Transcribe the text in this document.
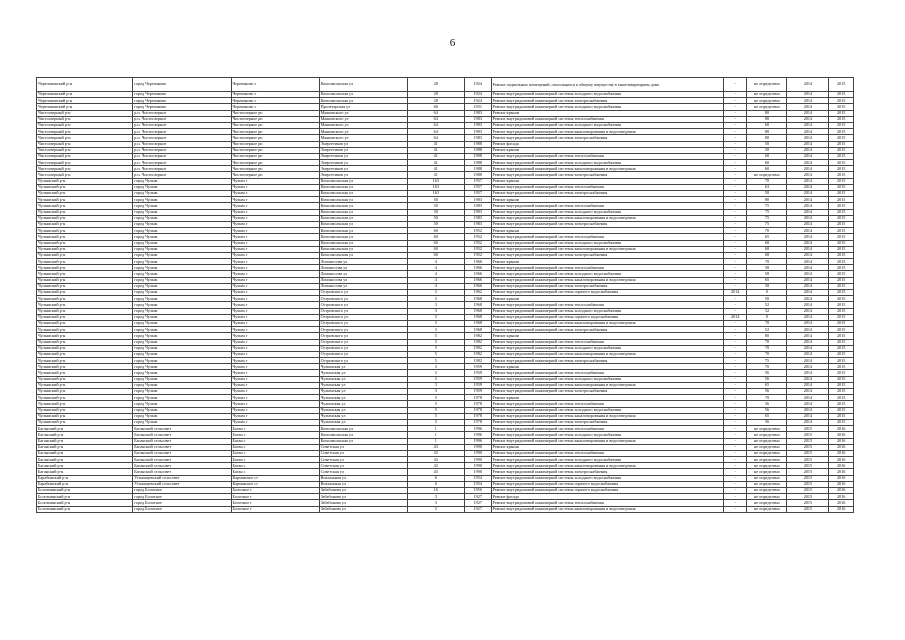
6
Черепановский р-н	город Черепаново	Черепаново г	Комсомольская ул	28	1924	Ремонт подвальных помещений, относящихся к общему имуществу в многоквартирном доме	-	не определено	2014	2015
Черепановский р-н	город Черепаново	Черепаново г	Комсомольская ул	28	1924	Ремонт внутридомовой инженерной системы холодного водоснабжения	-	не определено	2014	2015
Черепановский р-н	город Черепаново	Черепаново г	Комсомольская ул	28	1924	Ремонт внутридомовой инженерной системы электроснабжения	-	не определено	2014	2015
Черепановский р-н	город Черепаново	Черепаново г	Пролетарская ул	66	1931	Ремонт внутридомовой инженерной системы холодного водоснабжения	-	не определено	2014	2015
Чистоозерный р-н	р.п. Чистоозерное	Чистоозерное рп	Маяковского ул	64	1983	Ремонт крыши	-	80	2014	2015
Чистоозерный р-н	р.п. Чистоозерное	Чистоозерное рп	Маяковского ул	64	1983	Ремонт внутридомовой инженерной системы теплоснабжения	-	80	2014	2015
Чистоозерный р-н	р.п. Чистоозерное	Чистоозерное рп	Маяковского ул	64	1983	Ремонт внутридомовой инженерной системы холодного водоснабжения	-	60	2014	2015
Чистоозерный р-н	р.п. Чистоозерное	Чистоозерное рп	Маяковского ул	64	1983	Ремонт внутридомовой инженерной системы канализирования и водоотведения	-	80	2014	2015
Чистоозерный р-н	р.п. Чистоозерное	Чистоозерное рп	Маяковского ул	64	1983	Ремонт внутридомовой инженерной системы электроснабжения	-	80	2014	2015
Чистоозерный р-н	р.п. Чистоозерное	Чистоозерное рп	Энергетиков ул	41	1988	Ремонт фасада	-	50	2014	2015
Чистоозерный р-н	р.п. Чистоозерное	Чистоозерное рп	Энергетиков ул	41	1988	Ремонт крыши	-	50	2014	2015
Чистоозерный р-н	р.п. Чистоозерное	Чистоозерное рп	Энергетиков ул	41	1988	Ремонт внутридомовой инженерной системы теплоснабжения	-	60	2014	2015
Чистоозерный р-н	р.п. Чистоозерное	Чистоозерное рп	Энергетиков ул	41	1988	Ремонт внутридомовой инженерной системы холодного водоснабжения	-	60	2014	2015
Чистоозерный р-н	р.п. Чистоозерное	Чистоозерное рп	Энергетиков ул	41	1988	Ремонт внутридомовой инженерной системы канализирования и водоотведения	-	60	2014	2015
Чистоозерный р-н	р.п. Чистоозерное	Чистоозерное рп	Энергетиков ул	41	1988	Ремонт внутридомовой инженерной системы электроснабжения	-	не определено	2014	2015
Чулымский р-н	город Чулым	Чулым г	Комсомольская ул	163	1957	Ремонт крыши	-	70	2014	2015
Чулымский р-н	город Чулым	Чулым г	Комсомольская ул	163	1957	Ремонт внутридомовой инженерной системы теплоснабжения	-	63	2014	2015
Чулымский р-н	город Чулым	Чулым г	Комсомольская ул	163	1957	Ремонт внутридомовой инженерной системы электроснабжения	-	58	2014	2015
Чулымский р-н	город Чулым	Чулым г	Комсомольская ул	50	1983	Ремонт крыши	-	80	2014	2015
Чулымский р-н	город Чулым	Чулым г	Комсомольская ул	50	1983	Ремонт внутридомовой инженерной системы теплоснабжения	-	75	2014	2015
Чулымский р-н	город Чулым	Чулым г	Комсомольская ул	50	1983	Ремонт внутридомовой инженерной системы холодного водоснабжения	-	75	2014	2015
Чулымский р-н	город Чулым	Чулым г	Комсомольская ул	50	1983	Ремонт внутридомовой инженерной системы канализирования и водоотведения	-	75	2014	2015
Чулымский р-н	город Чулым	Чулым г	Комсомольская ул	50	1983	Ремонт внутридомовой инженерной системы электроснабжения	-	75	2014	2015
Чулымский р-н	город Чулым	Чулым г	Комсомольская ул	60	1952	Ремонт крыши	-	70	2014	2015
Чулымский р-н	город Чулым	Чулым г	Комсомольская ул	60	1952	Ремонт внутридомовой инженерной системы теплоснабжения	-	65	2014	2015
Чулымский р-н	город Чулым	Чулым г	Комсомольская ул	60	1952	Ремонт внутридомовой инженерной системы холодного водоснабжения	-	68	2014	2015
Чулымский р-н	город Чулым	Чулым г	Комсомольская ул	60	1952	Ремонт внутридомовой инженерной системы канализирования и водоотведения	-	68	2014	2015
Чулымский р-н	город Чулым	Чулым г	Комсомольская ул	60	1952	Ремонт внутридомовой инженерной системы электроснабжения	-	68	2014	2015
Чулымский р-н	город Чулым	Чулым г	Ломоносова ул	4	1966	Ремонт крыши	-	70	2014	2015
Чулымский р-н	город Чулым	Чулым г	Ломоносова ул	4	1966	Ремонт внутридомовой инженерной системы теплоснабжения	-	58	2014	2015
Чулымский р-н	город Чулым	Чулым г	Ломоносова ул	4	1966	Ремонт внутридомовой инженерной системы холодного водоснабжения	-	58	2014	2015
Чулымский р-н	город Чулым	Чулым г	Ломоносова ул	4	1966	Ремонт внутридомовой инженерной системы канализирования и водоотведения	-	65	2014	2015
Чулымский р-н	город Чулым	Чулым г	Ломоносова ул	4	1966	Ремонт внутридомовой инженерной системы электроснабжения	-	58	2014	2015
Чулымский р-н	город Чулым	Чулым г	Островского ул	3	1962	Ремонт внутридомовой инженерной системы горячего водоснабжения	2014	0	2014	2015
Чулымский р-н	город Чулым	Чулым г	Островского ул	3	1968	Ремонт крыши	-	50	2014	2015
Чулымский р-н	город Чулым	Чулым г	Островского ул	3	1968	Ремонт внутридомовой инженерной системы теплоснабжения	-	52	2014	2015
Чулымский р-н	город Чулым	Чулым г	Островского ул	3	1968	Ремонт внутридомовой инженерной системы холодного водоснабжения	-	52	2014	2015
Чулымский р-н	город Чулым	Чулым г	Островского ул	3	1968	Ремонт внутридомовой инженерной системы горячего водоснабжения	2014	0	2014	2015
Чулымский р-н	город Чулым	Чулым г	Островского ул	3	1968	Ремонт внутридомовой инженерной системы канализирования и водоотведения	-	70	2014	2015
Чулымский р-н	город Чулым	Чулым г	Островского ул	3	1968	Ремонт внутридомовой инженерной системы электроснабжения	-	52	2014	2015
Чулымский р-н	город Чулым	Чулым г	Островского ул	5	1982	Ремонт крыши	-	80	2014	2015
Чулымский р-н	город Чулым	Чулым г	Островского ул	5	1982	Ремонт внутридомовой инженерной системы теплоснабжения	-	70	2014	2015
Чулымский р-н	город Чулым	Чулым г	Островского ул	5	1982	Ремонт внутридомовой инженерной системы холодного водоснабжения	-	70	2014	2015
Чулымский р-н	город Чулым	Чулым г	Островского ул	5	1982	Ремонт внутридомовой инженерной системы канализирования и водоотведения	-	70	2014	2015
Чулымский р-н	город Чулым	Чулым г	Островского ул	5	1982	Ремонт внутридомовой инженерной системы электроснабжения	-	75	2014	2015
Чулымский р-н	город Чулым	Чулым г	Чулымская ул	3	1959	Ремонт крыши	-	70	2014	2015
Чулымский р-н	город Чулым	Чулым г	Чулымская ул	3	1959	Ремонт внутридомовой инженерной системы теплоснабжения	-	56	2014	2015
Чулымский р-н	город Чулым	Чулым г	Чулымская ул	3	1959	Ремонт внутридомовой инженерной системы холодного водоснабжения	-	56	2014	2015
Чулымский р-н	город Чулым	Чулым г	Чулымская ул	3	1959	Ремонт внутридомовой инженерной системы канализирования и водоотведения	-	65	2014	2015
Чулымский р-н	город Чулым	Чулым г	Чулымская ул	3	1959	Ремонт внутридомовой инженерной системы электроснабжения	-	56	2014	2015
Чулымский р-н	город Чулым	Чулым г	Чулымская ул	5	1978	Ремонт крыши	-	70	2014	2015
Чулымский р-н	город Чулым	Чулым г	Чулымская ул	5	1978	Ремонт внутридомовой инженерной системы теплоснабжения	-	56	2014	2015
Чулымский р-н	город Чулым	Чулым г	Чулымская ул	5	1978	Ремонт внутридомовой инженерной системы холодного водоснабжения	-	56	2014	2015
Чулымский р-н	город Чулым	Чулым г	Чулымская ул	5	1978	Ремонт внутридомовой инженерной системы канализирования и водоотведения	-	65	2014	2015
Чулымский р-н	город Чулым	Чулым г	Чулымская ул	5	1978	Ремонт внутридомовой инженерной системы электроснабжения	-	56	2014	2015
Баганский р-н	Баганский сельсовет	Баган с	Комсомольская ул	1	1996	Ремонт внутридомовой инженерной системы теплоснабжения	-	не определено	2015	2016
Баганский р-н	Баганский сельсовет	Баган с	Комсомольская ул	1	1996	Ремонт внутридомовой инженерной системы холодного водоснабжения	-	не определено	2015	2016
Баганский р-н	Баганский сельсовет	Баган с	Комсомольская ул	1	1996	Ремонт внутридомовой инженерной системы канализирования и водоотведения	-	не определено	2015	2016
Баганский р-н	Баганский сельсовет	Баган с	Советская ул	43	1990	Ремонт крыши	-	не определено	2015	2016
Баганский р-н	Баганский сельсовет	Баган с	Советская ул	43	1990	Ремонт внутридомовой инженерной системы теплоснабжения	-	не определено	2015	2016
Баганский р-н	Баганский сельсовет	Баган с	Советская ул	43	1990	Ремонт внутридомовой инженерной системы холодного водоснабжения	-	не определено	2015	2016
Баганский р-н	Баганский сельсовет	Баган с	Советская ул	43	1990	Ремонт внутридомовой инженерной системы канализирования и водоотведения	-	не определено	2015	2016
Баганский р-н	Баганский сельсовет	Баган с	Советская ул	43	1990	Ремонт внутридомовой инженерной системы электроснабжения	-	не определено	2015	2016
Барабинский р-н	Устьинцевский сельсовет	Кармакское ст	Вокзальная ул	6	1954	Ремонт внутридомовой инженерной системы холодного водоснабжения	-	не определено	2015	2016
Барабинский р-н	Устьинцевский сельсовет	Кармакское ст	Вокзальная ул	6	1954	Ремонт внутридомовой инженерной системы горячего водоснабжения	-	не определено	2015	2016
Болотнинский р-н	город Болотное	Болотное г	Забабонова ул	16	1956	Ремонт внутридомовой инженерной системы горячего водоснабжения	-	не определено	2015	2016
Болотнинский р-н	город Болотное	Болотное г	Забабонова ул	3	1927	Ремонт фасада	-	не определено	2015	2016
Болотнинский р-н	город Болотное	Болотное г	Забабонова ул	3	1927	Ремонт внутридомовой инженерной системы теплоснабжения	-	не определено	2015	2016
Болотнинский р-н	город Болотное	Болотное г	Забабонова ул	3	1927	Ремонт внутридомовой инженерной системы канализирования и водоотведения	-	не определено	2015	2016
